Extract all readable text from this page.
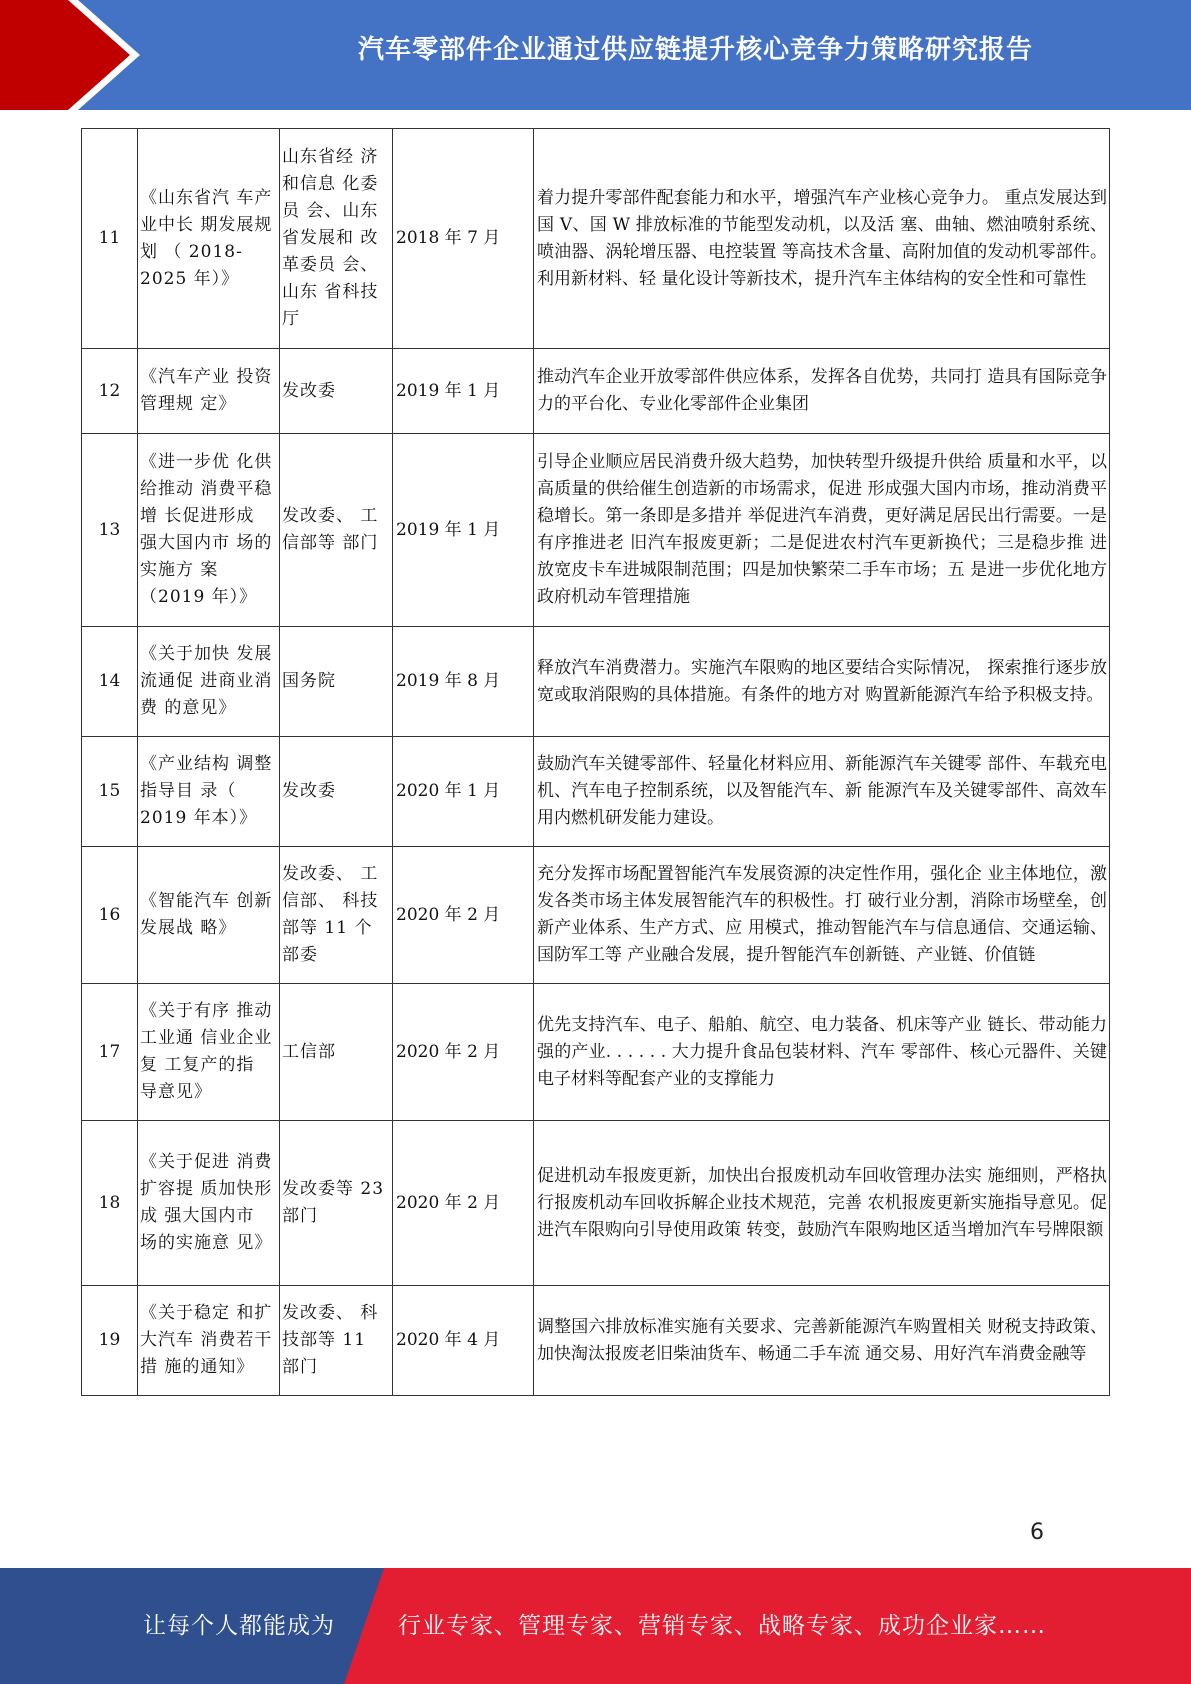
汽车零部件企业通过供应链提升核心竞争力策略研究报告
11	《山东省汽 车产业中长 期发展规划 （ 2018-2025 年）》	山东省经 济和信息 化委员 会、山东 省发展和 改革委员 会、山东 省科技厅	2018 年 7 月	着力提升零部件配套能力和水平，增强汽车产业核心竞争力。 重点发展达到国 V、国 W 排放标准的节能型发动机，以及活 塞、曲轴、燃油喷射系统、喷油器、涡轮增压器、电控装置 等高技术含量、高附加值的发动机零部件。利用新材料、轻 量化设计等新技术，提升汽车主体结构的安全性和可靠性
12	《汽车产业 投资管理规 定》	发改委	2019 年 1 月	推动汽车企业开放零部件供应体系，发挥各自优势，共同打 造具有国际竞争力的平台化、专业化零部件企业集团
13	《进一步优 化供给推动 消费平稳增 长促进形成 强大国内市 场的实施方 案（2019 年）》	发改委、 工信部等 部门	2019 年 1 月	引导企业顺应居民消费升级大趋势，加快转型升级提升供给 质量和水平，以高质量的供给催生创造新的市场需求，促进 形成强大国内市场，推动消费平稳增长。第一条即是多措并 举促进汽车消费，更好满足居民出行需要。一是有序推进老 旧汽车报废更新；二是促进农村汽车更新换代；三是稳步推 进放宽皮卡车进城限制范围；四是加快繁荣二手车市场；五 是进一步优化地方政府机动车管理措施
14	《关于加快 发展流通促 进商业消费 的意见》	国务院	2019 年 8 月	释放汽车消费潜力。实施汽车限购的地区要结合实际情况， 探索推行逐步放宽或取消限购的具体措施。有条件的地方对 购置新能源汽车给予积极支持。
15	《产业结构 调整指导目 录（ 2019 年本）》	发改委	2020 年 1 月	鼓励汽车关键零部件、轻量化材料应用、新能源汽车关键零 部件、车载充电机、汽车电子控制系统，以及智能汽车、新 能源汽车及关键零部件、高效车用内燃机研发能力建设。
16	《智能汽车 创新发展战 略》	发改委、 工信部、 科技部等 11 个部委	2020 年 2 月	充分发挥市场配置智能汽车发展资源的决定性作用，强化企 业主体地位，激发各类市场主体发展智能汽车的积极性。打 破行业分割，消除市场壁垒，创新产业体系、生产方式、应 用模式，推动智能汽车与信息通信、交通运输、国防军工等 产业融合发展，提升智能汽车创新链、产业链、价值链
17	《关于有序 推动工业通 信业企业复 工复产的指 导意见》	工信部	2020 年 2 月	优先支持汽车、电子、船舶、航空、电力装备、机床等产业 链长、带动能力强的产业. . . . . . 大力提升食品包装材料、汽车 零部件、核心元器件、关键电子材料等配套产业的支撑能力
18	《关于促进 消费扩容提 质加快形成 强大国内市 场的实施意 见》	发改委等 23 部门	2020 年 2 月	促进机动车报废更新，加快出台报废机动车回收管理办法实 施细则，严格执行报废机动车回收拆解企业技术规范，完善 农机报废更新实施指导意见。促进汽车限购向引导使用政策 转变，鼓励汽车限购地区适当增加汽车号牌限额
19	《关于稳定 和扩大汽车 消费若干措 施的通知》	发改委、 科技部等 11 部门	2020 年 4 月	调整国六排放标准实施有关要求、完善新能源汽车购置相关 财税支持政策、加快淘汰报废老旧柴油货车、畅通二手车流 通交易、用好汽车消费金融等
6
让每个人都能成为	行业专家、管理专家、营销专家、战略专家、成功企业家……
